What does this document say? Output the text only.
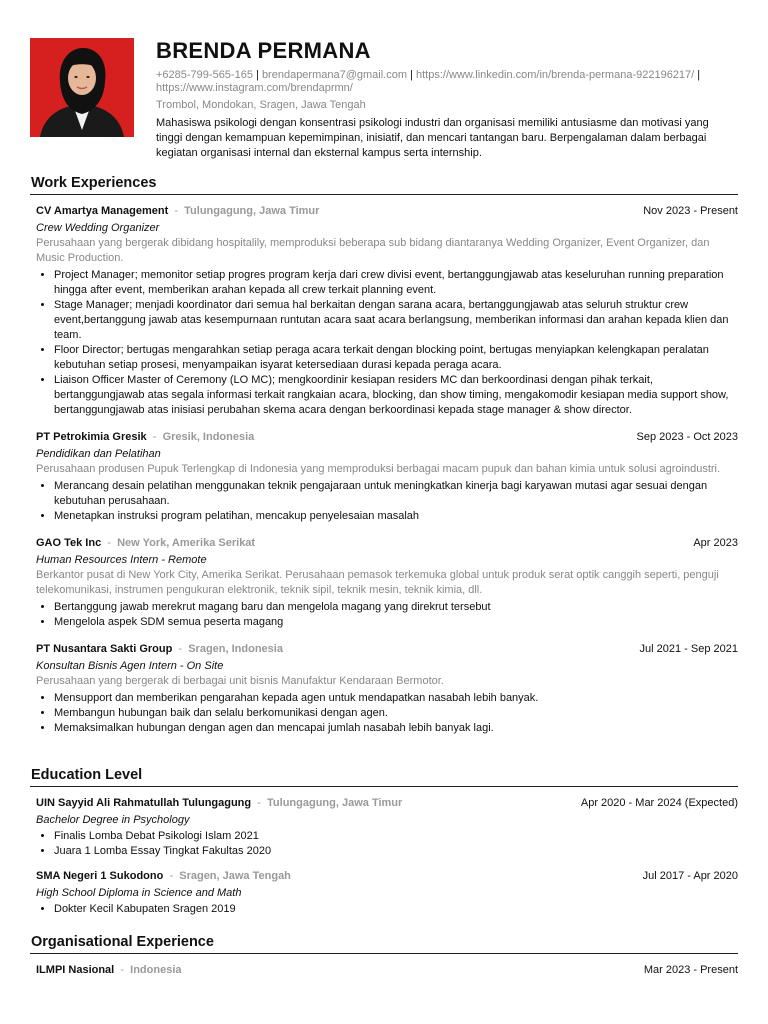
BRENDA PERMANA
+6285-799-565-165 | brendapermana7@gmail.com | https://www.linkedin.com/in/brenda-permana-922196217/ | https://www.instagram.com/brendaprmn/
Trombol, Mondokan, Sragen, Jawa Tengah
Mahasiswa psikologi dengan konsentrasi psikologi industri dan organisasi memiliki antusiasme dan motivasi yang tinggi dengan kemampuan kepemimpinan, inisiatif, dan mencari tantangan baru. Berpengalaman dalam berbagai kegiatan organisasi internal dan eksternal kampus serta internship.
Work Experiences
CV Amartya Management  -  Tulungagung, Jawa Timur	Nov 2023 - Present
Crew Wedding Organizer
Perusahaan yang bergerak dibidang hospitalily, memproduksi beberapa sub bidang diantaranya Wedding Organizer, Event Organizer, dan Music Production.
• Project Manager; memonitor setiap progres program kerja dari crew divisi event, bertanggungjawab atas keseluruhan running preparation hingga after event, memberikan arahan kepada all crew terkait planning event.
• Stage Manager; menjadi koordinator dari semua hal berkaitan dengan sarana acara, bertanggungjawab atas seluruh struktur crew event,bertanggung jawab atas kesempurnaan runtutan acara saat acara berlangsung, memberikan informasi dan arahan kepada klien dan team.
• Floor Director; bertugas mengarahkan setiap peraga acara terkait dengan blocking point, bertugas menyiapkan kelengkapan peralatan kebutuhan setiap prosesi, menyampaikan isyarat ketersediaan durasi kepada peraga acara.
• Liaison Officer Master of Ceremony (LO MC); mengkoordinir kesiapan residers MC dan berkoordinasi dengan pihak terkait, bertanggungjawab atas segala informasi terkait rangkaian acara, blocking, dan show timing, mengakomodir kesiapan media support show, bertanggungjawab atas inisiasi perubahan skema acara dengan berkoordinasi kepada stage manager & show director.
PT Petrokimia Gresik  -  Gresik, Indonesia	Sep 2023 - Oct 2023
Pendidikan dan Pelatihan
Perusahaan produsen Pupuk Terlengkap di Indonesia yang memproduksi berbagai macam pupuk dan bahan kimia untuk solusi agroindustri.
• Merancang desain pelatihan menggunakan teknik pengajaraan untuk meningkatkan kinerja bagi karyawan mutasi agar sesuai dengan kebutuhan perusahaan.
• Menetapkan instruksi program pelatihan, mencakup penyelesaian masalah
GAO Tek Inc  -  New York, Amerika Serikat	Apr 2023
Human Resources Intern - Remote
Berkantor pusat di New York City, Amerika Serikat. Perusahaan pemasok terkemuka global untuk produk serat optik canggih seperti, penguji telekomunikasi, instrumen pengukuran elektronik, teknik sipil, teknik mesin, teknik kimia, dll.
• Bertanggung jawab merekrut magang baru dan mengelola magang yang direkrut tersebut
• Mengelola aspek SDM semua peserta magang
PT Nusantara Sakti Group  -  Sragen, Indonesia	Jul 2021 - Sep 2021
Konsultan Bisnis Agen Intern - On Site
Perusahaan yang bergerak di berbagai unit bisnis Manufaktur Kendaraan Bermotor.
• Mensupport dan memberikan pengarahan kepada agen untuk mendapatkan nasabah lebih banyak.
• Membangun hubungan baik dan selalu berkomunikasi dengan agen.
• Memaksimalkan hubungan dengan agen dan mencapai jumlah nasabah lebih banyak lagi.
Education Level
UIN Sayyid Ali Rahmatullah Tulungagung  -  Tulungagung, Jawa Timur	Apr 2020 - Mar 2024 (Expected)
Bachelor Degree in Psychology
• Finalis Lomba Debat Psikologi Islam 2021
• Juara 1 Lomba Essay Tingkat Fakultas 2020
SMA Negeri 1 Sukodono  -  Sragen, Jawa Tengah	Jul 2017 - Apr 2020
High School Diploma in Science and Math
• Dokter Kecil Kabupaten Sragen 2019
Organisational Experience
ILMPI Nasional  -  Indonesia	Mar 2023 - Present
